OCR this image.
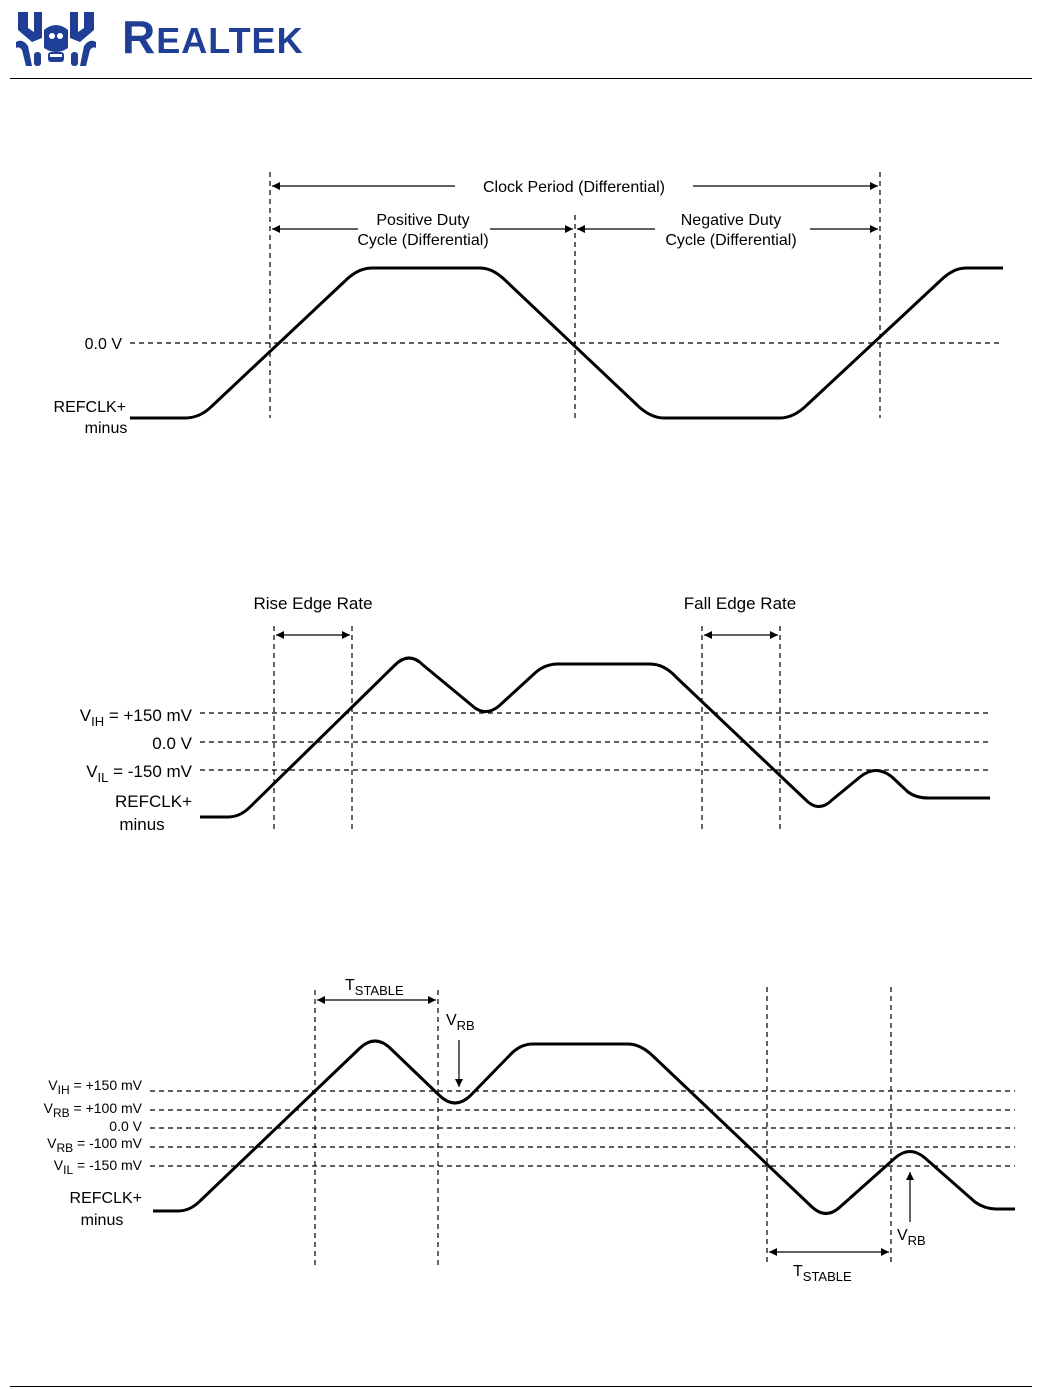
REALTEK
Clock Period (Differential)
Positive Duty
Cycle (Differential)
Negative Duty
Cycle (Differential)
0.0 V
REFCLK+
minus
Rise Edge Rate	Fall Edge Rate
$V_{IH} = +150$ mV
0.0 V
$V_{IL} = -150$ mV
REFCLK+
minus
$T_{STABLE}$
$V_{RB}$
$V_{RB}$
$T_{STABLE}$
VIH = +150 mV
VRB = +100 mV
0.0 V
VRB = -100 mV
VIL = -150 mV
REFCLK+
minus
